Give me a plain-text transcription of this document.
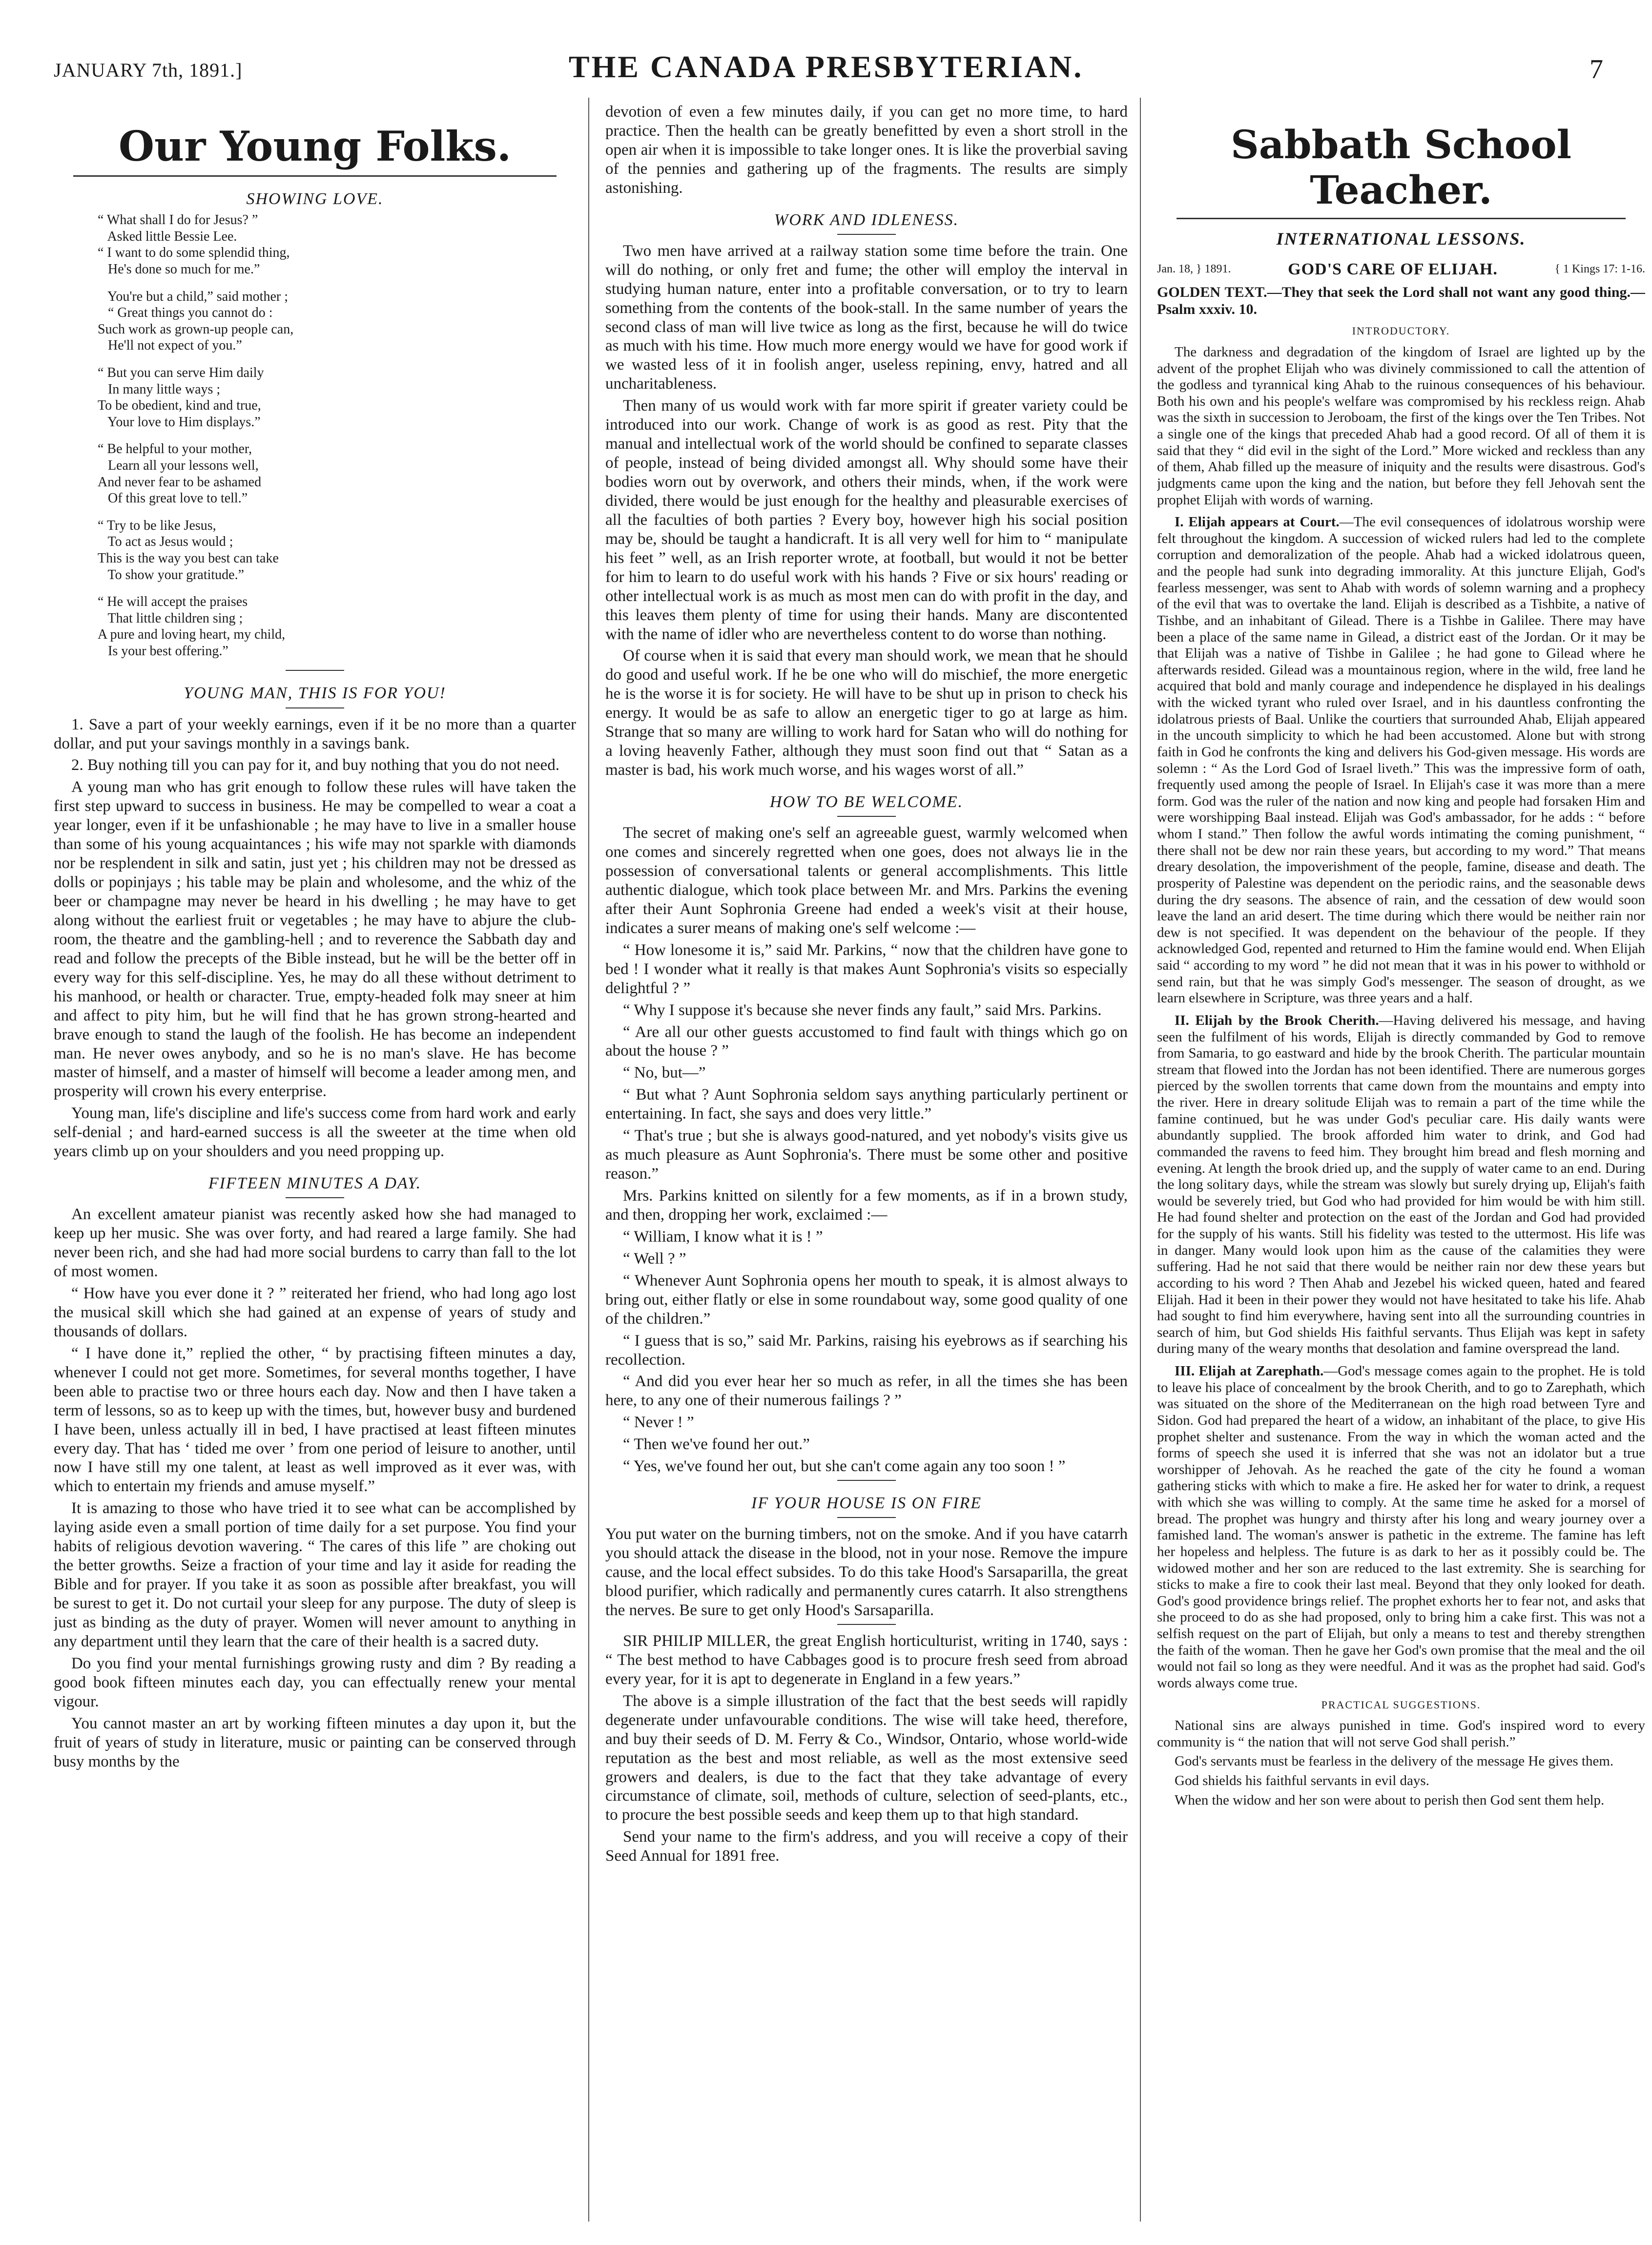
JANUARY 7th, 1891.]	THE CANADA PRESBYTERIAN.	7
Our Young Folks.
SHOWING LOVE.
“ What shall I do for Jesus? ”
Asked little Bessie Lee.
“ I want to do some splendid thing,
He's done so much for me.”
You're but a child,” said mother ;
“ Great things you cannot do :
Such work as grown-up people can,
He'll not expect of you.”
“ But you can serve Him daily
In many little ways ;
To be obedient, kind and true,
Your love to Him displays.”
“ Be helpful to your mother,
Learn all your lessons well,
And never fear to be ashamed
Of this great love to tell.”
“ Try to be like Jesus,
To act as Jesus would ;
This is the way you best can take
To show your gratitude.”
“ He will accept the praises
That little children sing ;
A pure and loving heart, my child,
Is your best offering.”
YOUNG MAN, THIS IS FOR YOU!

1. Save a part of your weekly earnings, even if it be no more than a quarter dollar, and put your savings monthly in a savings bank.

2. Buy nothing till you can pay for it, and buy nothing that you do not need.

A young man who has grit enough to follow these rules will have taken the first step upward to success in business. He may be compelled to wear a coat a year longer, even if it be unfashionable ; he may have to live in a smaller house than some of his young acquaintances ; his wife may not sparkle with diamonds nor be resplendent in silk and satin, just yet ; his children may not be dressed as dolls or popinjays ; his table may be plain and wholesome, and the whiz of the beer or champagne may never be heard in his dwelling ; he may have to get along without the earliest fruit or vegetables ; he may have to abjure the club-room, the theatre and the gambling-hell ; and to reverence the Sabbath day and read and follow the precepts of the Bible instead, but he will be the better off in every way for this self-discipline. Yes, he may do all these without detriment to his manhood, or health or character. True, empty-headed folk may sneer at him and affect to pity him, but he will find that he has grown strong-hearted and brave enough to stand the laugh of the foolish. He has become an independent man. He never owes anybody, and so he is no man's slave. He has become master of himself, and a master of himself will become a leader among men, and prosperity will crown his every enterprise.

Young man, life's discipline and life's success come from hard work and early self-denial ; and hard-earned success is all the sweeter at the time when old years climb up on your shoulders and you need propping up.

FIFTEEN MINUTES A DAY.

An excellent amateur pianist was recently asked how she had managed to keep up her music. She was over forty, and had reared a large family. She had never been rich, and she had had more social burdens to carry than fall to the lot of most women.

“ How have you ever done it ? ” reiterated her friend, who had long ago lost the musical skill which she had gained at an expense of years of study and thousands of dollars.

“ I have done it,” replied the other, “ by practising fifteen minutes a day, whenever I could not get more. Sometimes, for several months together, I have been able to practise two or three hours each day. Now and then I have taken a term of lessons, so as to keep up with the times, but, however busy and burdened I have been, unless actually ill in bed, I have practised at least fifteen minutes every day. That has ‘ tided me over ’ from one period of leisure to another, until now I have still my one talent, at least as well improved as it ever was, with which to entertain my friends and amuse myself.”

It is amazing to those who have tried it to see what can be accomplished by laying aside even a small portion of time daily for a set purpose. You find your habits of religious devotion wavering. “ The cares of this life ” are choking out the better growths. Seize a fraction of your time and lay it aside for reading the Bible and for prayer. If you take it as soon as possible after breakfast, you will be surest to get it. Do not curtail your sleep for any purpose. The duty of sleep is just as binding as the duty of prayer. Women will never amount to anything in any department until they learn that the care of their health is a sacred duty.

Do you find your mental furnishings growing rusty and dim ? By reading a good book fifteen minutes each day, you can effectually renew your mental vigour.

You cannot master an art by working fifteen minutes a day upon it, but the fruit of years of study in literature, music or painting can be conserved through busy months by the

devotion of even a few minutes daily, if you can get no more time, to hard practice. Then the health can be greatly benefitted by even a short stroll in the open air when it is impossible to take longer ones. It is like the proverbial saving of the pennies and gathering up of the fragments. The results are simply astonishing.

WORK AND IDLENESS.

Two men have arrived at a railway station some time before the train. One will do nothing, or only fret and fume; the other will employ the interval in studying human nature, enter into a profitable conversation, or to try to learn something from the contents of the book-stall. In the same number of years the second class of man will live twice as long as the first, because he will do twice as much with his time. How much more energy would we have for good work if we wasted less of it in foolish anger, useless repining, envy, hatred and all uncharitableness.

Then many of us would work with far more spirit if greater variety could be introduced into our work. Change of work is as good as rest. Pity that the manual and intellectual work of the world should be confined to separate classes of people, instead of being divided amongst all. Why should some have their bodies worn out by overwork, and others their minds, when, if the work were divided, there would be just enough for the healthy and pleasurable exercises of all the faculties of both parties ? Every boy, however high his social position may be, should be taught a handicraft. It is all very well for him to “ manipulate his feet ” well, as an Irish reporter wrote, at football, but would it not be better for him to learn to do useful work with his hands ? Five or six hours' reading or other intellectual work is as much as most men can do with profit in the day, and this leaves them plenty of time for using their hands. Many are discontented with the name of idler who are nevertheless content to do worse than nothing.

Of course when it is said that every man should work, we mean that he should do good and useful work. If he be one who will do mischief, the more energetic he is the worse it is for society. He will have to be shut up in prison to check his energy. It would be as safe to allow an energetic tiger to go at large as him. Strange that so many are willing to work hard for Satan who will do nothing for a loving heavenly Father, although they must soon find out that “ Satan as a master is bad, his work much worse, and his wages worst of all.”

HOW TO BE WELCOME.

The secret of making one's self an agreeable guest, warmly welcomed when one comes and sincerely regretted when one goes, does not always lie in the possession of conversational talents or general accomplishments. This little authentic dialogue, which took place between Mr. and Mrs. Parkins the evening after their Aunt Sophronia Greene had ended a week's visit at their house, indicates a surer means of making one's self welcome :—

“ How lonesome it is,” said Mr. Parkins, “ now that the children have gone to bed ! I wonder what it really is that makes Aunt Sophronia's visits so especially delightful ? ”

“ Why I suppose it's because she never finds any fault,” said Mrs. Parkins.

“ Are all our other guests accustomed to find fault with things which go on about the house ? ”

“ No, but—”

“ But what ? Aunt Sophronia seldom says anything particularly pertinent or entertaining. In fact, she says and does very little.”

“ That's true ; but she is always good-natured, and yet nobody's visits give us as much pleasure as Aunt Sophronia's. There must be some other and positive reason.”

Mrs. Parkins knitted on silently for a few moments, as if in a brown study, and then, dropping her work, exclaimed :—

“ William, I know what it is ! ”

“ Well ? ”

“ Whenever Aunt Sophronia opens her mouth to speak, it is almost always to bring out, either flatly or else in some roundabout way, some good quality of one of the children.”

“ I guess that is so,” said Mr. Parkins, raising his eyebrows as if searching his recollection.

“ And did you ever hear her so much as refer, in all the times she has been here, to any one of their numerous failings ? ”

“ Never ! ”

“ Then we've found her out.”

“ Yes, we've found her out, but she can't come again any too soon ! ”

IF YOUR HOUSE IS ON FIRE

You put water on the burning timbers, not on the smoke. And if you have catarrh you should attack the disease in the blood, not in your nose. Remove the impure cause, and the local effect subsides. To do this take Hood's Sarsaparilla, the great blood purifier, which radically and permanently cures catarrh. It also strengthens the nerves. Be sure to get only Hood's Sarsaparilla.

SIR PHILIP MILLER, the great English horticulturist, writing in 1740, says : “ The best method to have Cabbages good is to procure fresh seed from abroad every year, for it is apt to degenerate in England in a few years.”

The above is a simple illustration of the fact that the best seeds will rapidly degenerate under unfavourable conditions. The wise will take heed, therefore, and buy their seeds of D. M. Ferry & Co., Windsor, Ontario, whose world-wide reputation as the best and most reliable, as well as the most extensive seed growers and dealers, is due to the fact that they take advantage of every circumstance of climate, soil, methods of culture, selection of seed-plants, etc., to procure the best possible seeds and keep them up to that high standard.

Send your name to the firm's address, and you will receive a copy of their Seed Annual for 1891 free.

Sabbath School Teacher.
INTERNATIONAL LESSONS.
Jan. 18, } 1891.	GOD'S CARE OF ELIJAH.	{ 1 Kings 17: 1-16.
GOLDEN TEXT.—They that seek the Lord shall not want any good thing.—Psalm xxxiv. 10.
INTRODUCTORY.

The darkness and degradation of the kingdom of Israel are lighted up by the advent of the prophet Elijah who was divinely commissioned to call the attention of the godless and tyrannical king Ahab to the ruinous consequences of his behaviour. Both his own and his people's welfare was compromised by his reckless reign. Ahab was the sixth in succession to Jeroboam, the first of the kings over the Ten Tribes. Not a single one of the kings that preceded Ahab had a good record. Of all of them it is said that they “ did evil in the sight of the Lord.” More wicked and reckless than any of them, Ahab filled up the measure of iniquity and the results were disastrous. God's judgments came upon the king and the nation, but before they fell Jehovah sent the prophet Elijah with words of warning.

I. Elijah appears at Court.—The evil consequences of idolatrous worship were felt throughout the kingdom. A succession of wicked rulers had led to the complete corruption and demoralization of the people. Ahab had a wicked idolatrous queen, and the people had sunk into degrading immorality. At this juncture Elijah, God's fearless messenger, was sent to Ahab with words of solemn warning and a prophecy of the evil that was to overtake the land. Elijah is described as a Tishbite, a native of Tishbe, and an inhabitant of Gilead. There is a Tishbe in Galilee. There may have been a place of the same name in Gilead, a district east of the Jordan. Or it may be that Elijah was a native of Tishbe in Galilee ; he had gone to Gilead where he afterwards resided. Gilead was a mountainous region, where in the wild, free land he acquired that bold and manly courage and independence he displayed in his dealings with the wicked tyrant who ruled over Israel, and in his dauntless confronting the idolatrous priests of Baal. Unlike the courtiers that surrounded Ahab, Elijah appeared in the uncouth simplicity to which he had been accustomed. Alone but with strong faith in God he confronts the king and delivers his God-given message. His words are solemn : “ As the Lord God of Israel liveth.” This was the impressive form of oath, frequently used among the people of Israel. In Elijah's case it was more than a mere form. God was the ruler of the nation and now king and people had forsaken Him and were worshipping Baal instead. Elijah was God's ambassador, for he adds : “ before whom I stand.” Then follow the awful words intimating the coming punishment, “ there shall not be dew nor rain these years, but according to my word.” That means dreary desolation, the impoverishment of the people, famine, disease and death. The prosperity of Palestine was dependent on the periodic rains, and the seasonable dews during the dry seasons. The absence of rain, and the cessation of dew would soon leave the land an arid desert. The time during which there would be neither rain nor dew is not specified. It was dependent on the behaviour of the people. If they acknowledged God, repented and returned to Him the famine would end. When Elijah said “ according to my word ” he did not mean that it was in his power to withhold or send rain, but that he was simply God's messenger. The season of drought, as we learn elsewhere in Scripture, was three years and a half.

II. Elijah by the Brook Cherith.—Having delivered his message, and having seen the fulfilment of his words, Elijah is directly commanded by God to remove from Samaria, to go eastward and hide by the brook Cherith. The particular mountain stream that flowed into the Jordan has not been identified. There are numerous gorges pierced by the swollen torrents that came down from the mountains and empty into the river. Here in dreary solitude Elijah was to remain a part of the time while the famine continued, but he was under God's peculiar care. His daily wants were abundantly supplied. The brook afforded him water to drink, and God had commanded the ravens to feed him. They brought him bread and flesh morning and evening. At length the brook dried up, and the supply of water came to an end. During the long solitary days, while the stream was slowly but surely drying up, Elijah's faith would be severely tried, but God who had provided for him would be with him still. He had found shelter and protection on the east of the Jordan and God had provided for the supply of his wants. Still his fidelity was tested to the uttermost. His life was in danger. Many would look upon him as the cause of the calamities they were suffering. Had he not said that there would be neither rain nor dew these years but according to his word ? Then Ahab and Jezebel his wicked queen, hated and feared Elijah. Had it been in their power they would not have hesitated to take his life. Ahab had sought to find him everywhere, having sent into all the surrounding countries in search of him, but God shields His faithful servants. Thus Elijah was kept in safety during many of the weary months that desolation and famine overspread the land.

III. Elijah at Zarephath.—God's message comes again to the prophet. He is told to leave his place of concealment by the brook Cherith, and to go to Zarephath, which was situated on the shore of the Mediterranean on the high road between Tyre and Sidon. God had prepared the heart of a widow, an inhabitant of the place, to give His prophet shelter and sustenance. From the way in which the woman acted and the forms of speech she used it is inferred that she was not an idolator but a true worshipper of Jehovah. As he reached the gate of the city he found a woman gathering sticks with which to make a fire. He asked her for water to drink, a request with which she was willing to comply. At the same time he asked for a morsel of bread. The prophet was hungry and thirsty after his long and weary journey over a famished land. The woman's answer is pathetic in the extreme. The famine has left her hopeless and helpless. The future is as dark to her as it possibly could be. The widowed mother and her son are reduced to the last extremity. She is searching for sticks to make a fire to cook their last meal. Beyond that they only looked for death. God's good providence brings relief. The prophet exhorts her to fear not, and asks that she proceed to do as she had proposed, only to bring him a cake first. This was not a selfish request on the part of Elijah, but only a means to test and thereby strengthen the faith of the woman. Then he gave her God's own promise that the meal and the oil would not fail so long as they were needful. And it was as the prophet had said. God's words always come true.

PRACTICAL SUGGESTIONS.

National sins are always punished in time. God's inspired word to every community is “ the nation that will not serve God shall perish.”

God's servants must be fearless in the delivery of the message He gives them.

God shields his faithful servants in evil days.

When the widow and her son were about to perish then God sent them help.
